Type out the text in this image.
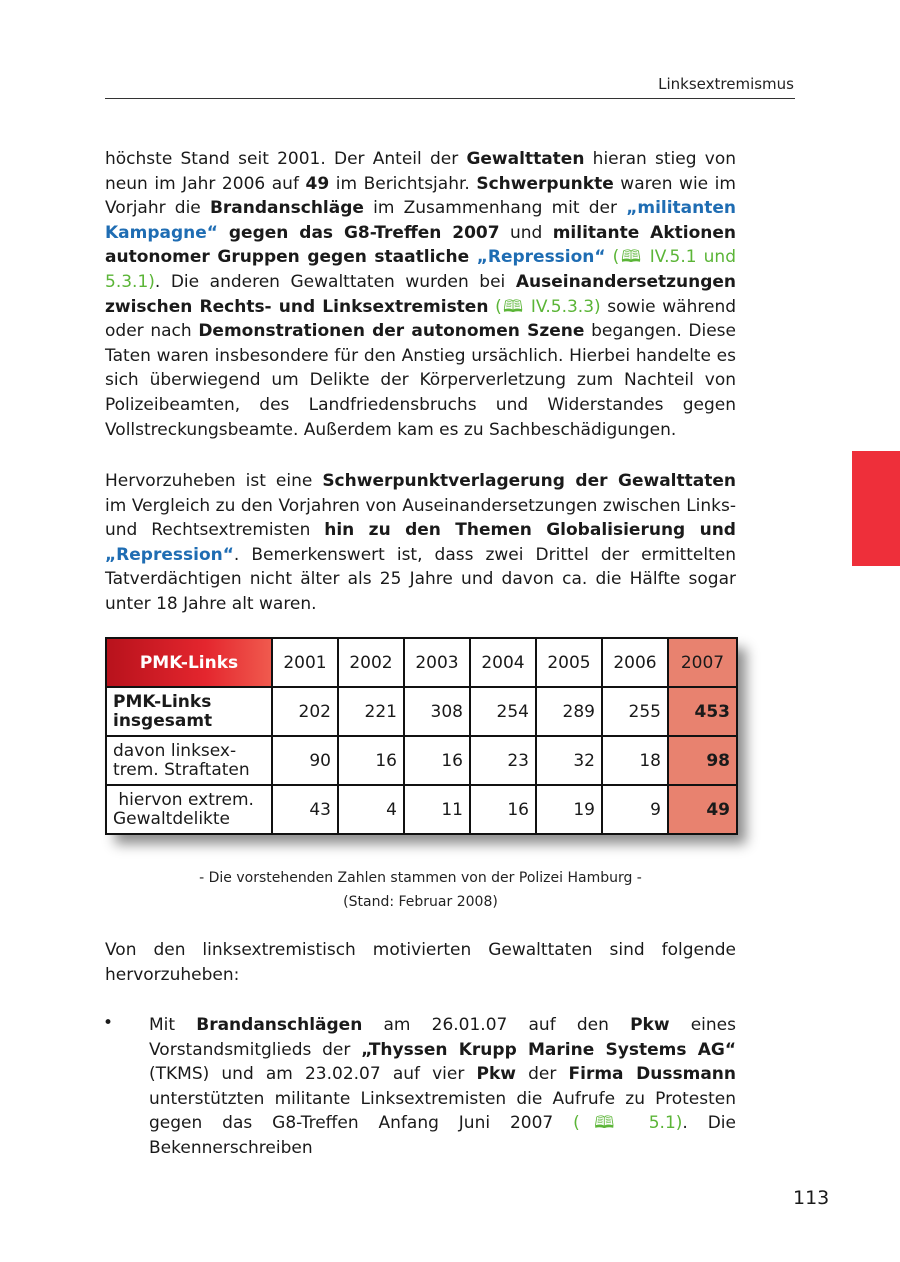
Linksextremismus

höchste Stand seit 2001. Der Anteil der Gewalttaten hieran stieg von neun im Jahr 2006 auf 49 im Berichtsjahr. Schwerpunkte waren wie im Vorjahr die Brandanschläge im Zusammenhang mit der „militanten Kampagne“ gegen das G8-Treffen 2007 und militante Aktionen autonomer Gruppen gegen staatliche „Repression“ (🕮 IV.5.1 und 5.3.1). Die anderen Gewalttaten wurden bei Auseinandersetzungen zwischen Rechts- und Linksextremisten (🕮 IV.5.3.3) sowie während oder nach Demonstrationen der autonomen Szene begangen. Diese Taten waren insbesondere für den Anstieg ursächlich. Hierbei handelte es sich überwiegend um Delikte der Körperverletzung zum Nachteil von Polizeibeamten, des Landfriedensbruchs und Widerstandes gegen Vollstreckungsbeamte. Außerdem kam es zu Sachbeschädigungen.

Hervorzuheben ist eine Schwerpunktverlagerung der Gewalttaten im Vergleich zu den Vorjahren von Auseinandersetzungen zwischen Links- und Rechtsextremisten hin zu den Themen Globalisierung und „Repression“. Bemerkenswert ist, dass zwei Drittel der ermittelten Tatverdächtigen nicht älter als 25 Jahre und davon ca. die Hälfte sogar unter 18 Jahre alt waren.

PMK-Links	2001	2002	2003	2004	2005	2006	2007
PMK-Links
insgesamt	202	221	308	254	289	255	453
davon linksex-
trem. Straftaten	90	16	16	23	32	18	98
hiervon extrem.
Gewaltdelikte	43	4	11	16	19	9	49
- Die vorstehenden Zahlen stammen von der Polizei Hamburg -
(Stand: Februar 2008)

Von den linksextremistisch motivierten Gewalttaten sind folgende hervorzuheben:

• Mit Brandanschlägen am 26.01.07 auf den Pkw eines Vorstandsmitglieds der „Thyssen Krupp Marine Systems AG“ (TKMS) und am 23.02.07 auf vier Pkw der Firma Dussmann unterstützten militante Linksextremisten die Aufrufe zu Protesten gegen das G8-Treffen Anfang Juni 2007 (🕮 5.1). Die Bekennerschreiben

113
